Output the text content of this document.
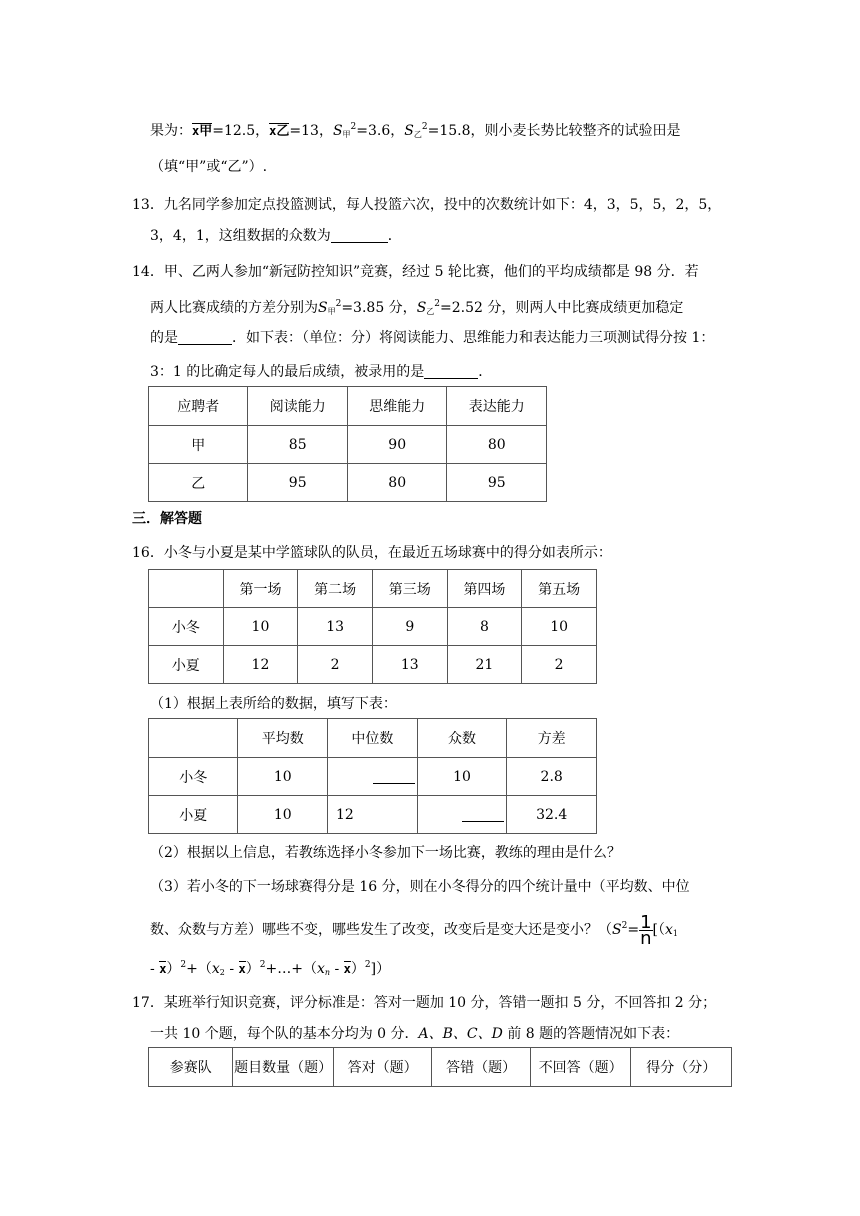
果为：x甲=12.5，x乙=13，$S_甲^2=3.6$，$S_乙^2=15.8$，则小麦长势比较整齐的试验田是
（填“甲”或“乙”）.
13．九名同学参加定点投篮测试，每人投篮六次，投中的次数统计如下：4，3，5，5，2，5，
3，4，1，这组数据的众数为	．
14．甲、乙两人参加“新冠防控知识”竞赛，经过 5 轮比赛，他们的平均成绩都是 98 分．若
两人比赛成绩的方差分别为$S_甲^2=3.85$ 分，$S_乙^2=2.52$ 分，则两人中比赛成绩更加稳定
的是	．如下表：（单位：分）将阅读能力、思维能力和表达能力三项测试得分按 1：
3：1 的比确定每人的最后成绩，被录用的是	．
应聘者	阅读能力	思维能力	表达能力
甲	85	90	80
乙	95	80	95
三．解答题
16．小冬与小夏是某中学篮球队的队员，在最近五场球赛中的得分如表所示：
	第一场	第二场	第三场	第四场	第五场
小冬	10	13	9	8	10
小夏	12	2	13	21	2
（1）根据上表所给的数据，填写下表：
	平均数	中位数	众数	方差
小冬	10		10	2.8
小夏	10	12		32.4
（2）根据以上信息，若教练选择小冬参加下一场比赛，教练的理由是什么？
（3）若小冬的下一场球赛得分是 16 分，则在小冬得分的四个统计量中（平均数、中位
数、众数与方差）哪些不变，哪些发生了改变，改变后是变大还是变小？（$S^2= \frac{1}{n} [(x_1$
- $x)^2+(x_2$ - $x)^2+\dots+(x_n - x)^2$]）
17．某班举行知识竞赛，评分标准是：答对一题加 10 分，答错一题扣 5 分，不回答扣 2 分；
一共 10 个题，每个队的基本分均为 0 分．A、B、C、D 前 8 题的答题情况如下表：
参赛队	题目数量（题）	答对（题）	答错（题）	不回答（题）	得分（分）
